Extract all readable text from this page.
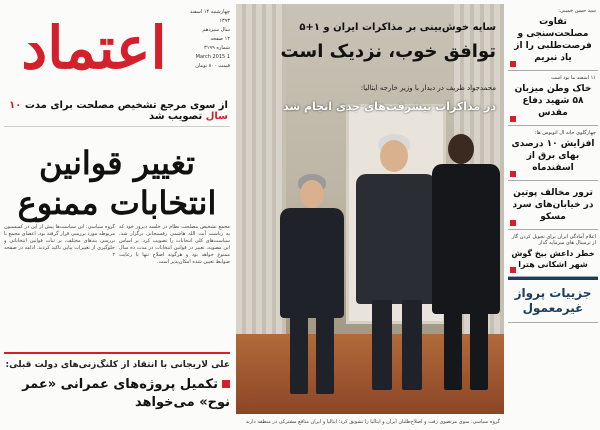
اعتماد
چهارشنبه ۱۴ اسفند ۱۳۹۳
سال سیزدهم
۱۲ صفحه
شماره ۳۱۹۹
1 March 2015
قیمت ۸۰۰ تومان
از سوی مرجع تشخیص مصلحت برای مدت ۱۰ سال تصویب شد
تغییر قوانین
انتخابات ممنوع
مجمع تشخیص مصلحت نظام در جلسه دیروز خود که به ریاست آیت الله هاشمی رفسنجانی برگزار شد، سیاست‌های کلی انتخابات را تصویب کرد. بر اساس این مصوبه، تغییر در قوانین انتخابات در مدت ده سال ممنوع خواهد بود و هرگونه اصلاح تنها با رعایت ضوابط تعیین شده امکان‌پذیر است.
گروه سیاسی: این سیاست‌ها پیش از این در کمیسیون مربوطه مورد بررسی قرار گرفته بود. اعضای مجمع با بررسی بندهای مختلف، بر ثبات قوانین انتخاباتی و جلوگیری از تغییرات پیاپی تاکید کردند. ادامه در صفحه ۲
علی لاریجانی با انتقاد از کلنگ‌زنی‌های دولت قبلی:
تکمیل پروژه‌های عمرانی «عمر نوح» می‌خواهد
سایه خوش‌بینی بر مذاکرات ایران و ۱+۵
توافق خوب، نزدیک است
محمدجواد ظریف در دیدار با وزیر خارجه ایتالیا:
در مذاکرات پیشرفت‌های جدی انجام شد
گروه سیاسی: سوی مرتضوی رفت و اصلاح‌طلبان ایران و ایتالیا را تشویق کرد؛ ایتالیا و ایران منافع مشترکی در منطقه دارند
سید حسن خمینی:
تفاوت مصلحت‌سنجی و فرصت‌طلبی را از یاد نبریم
۱۱ اسفند ما بود است
خاک وطن میزبان ۵۸ شهید دفاع مقدس
چهارگلوی خانه ال اتوبوس ها:
افزایش ۱۰ درصدی بهای برق از اسفندماه
ترور مخالف پوتین در خیابان‌های سرد مسکو
اعلام آمادگی ایران برای تحویل کردن گاز از ترمینال های سرمایه گذار
خطر داعش بیخ گوش شهر اشکانی هترا
جزییات پرواز غیرمعمول
